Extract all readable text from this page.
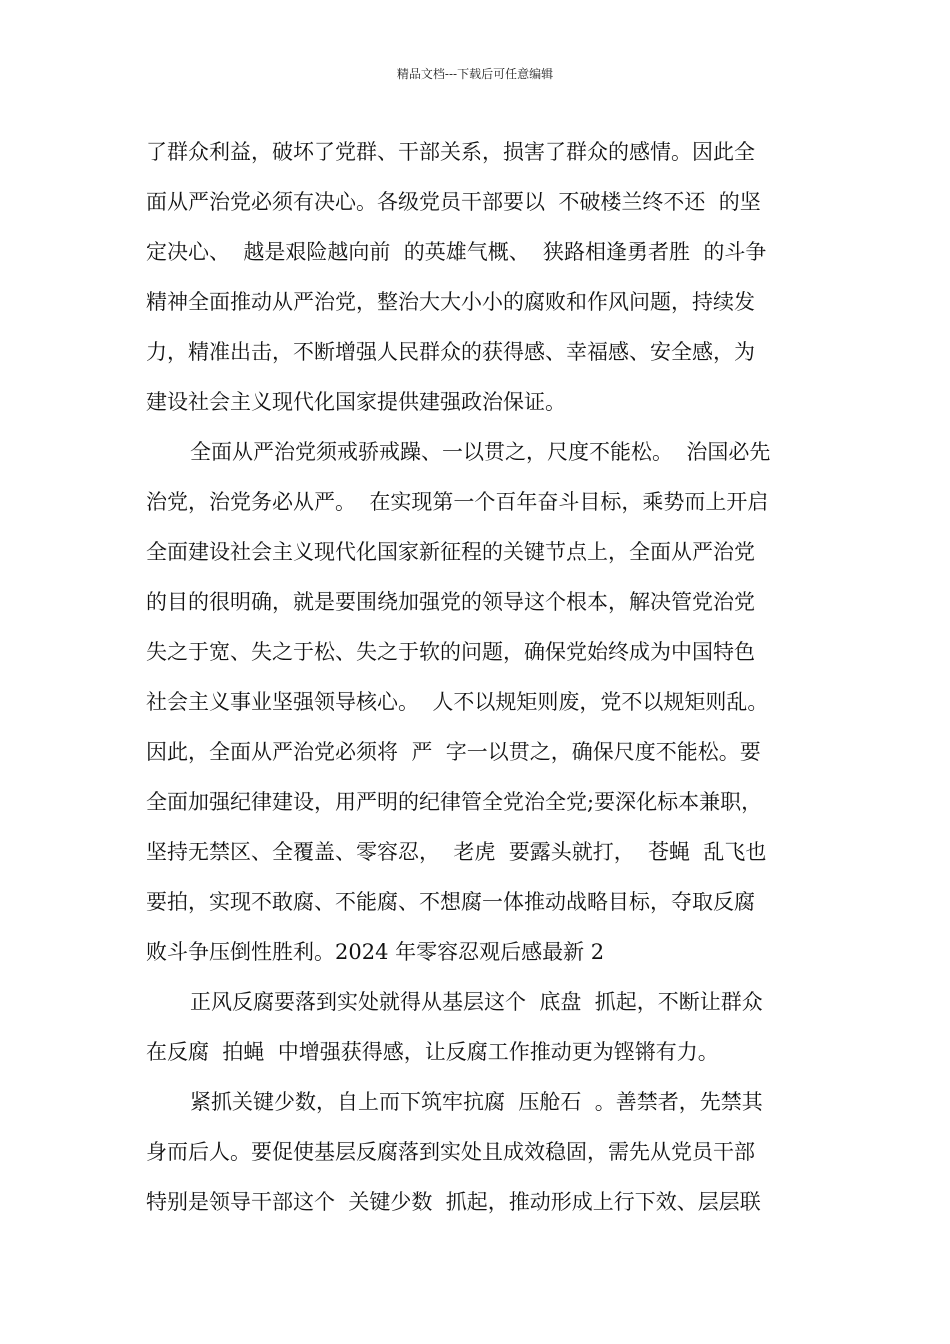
精品文档---下载后可任意编辑
了群众利益，破坏了党群、干部关系，损害了群众的感情。因此全
面从严治党必须有决心。各级党员干部要以  不破楼兰终不还  的坚
定决心、  越是艰险越向前  的英雄气概、  狭路相逢勇者胜  的斗争
精神全面推动从严治党，整治大大小小的腐败和作风问题，持续发
力，精准出击，不断增强人民群众的获得感、幸福感、安全感，为
建设社会主义现代化国家提供建强政治保证。
全面从严治党须戒骄戒躁、一以贯之，尺度不能松。  治国必先
治党，治党务必从严。  在实现第一个百年奋斗目标，乘势而上开启
全面建设社会主义现代化国家新征程的关键节点上，全面从严治党
的目的很明确，就是要围绕加强党的领导这个根本，解决管党治党
失之于宽、失之于松、失之于软的问题，确保党始终成为中国特色
社会主义事业坚强领导核心。  人不以规矩则废，党不以规矩则乱。
因此，全面从严治党必须将  严  字一以贯之，确保尺度不能松。要
全面加强纪律建设，用严明的纪律管全党治全党;要深化标本兼职，
坚持无禁区、全覆盖、零容忍，  老虎  要露头就打，  苍蝇  乱飞也
要拍，实现不敢腐、不能腐、不想腐一体推动战略目标，夺取反腐
败斗争压倒性胜利。2024 年零容忍观后感最新 2
正风反腐要落到实处就得从基层这个  底盘  抓起，不断让群众
在反腐  拍蝇  中增强获得感，让反腐工作推动更为铿锵有力。
紧抓关键少数，自上而下筑牢抗腐  压舱石  。善禁者，先禁其
身而后人。要促使基层反腐落到实处且成效稳固，需先从党员干部
特别是领导干部这个  关键少数  抓起，推动形成上行下效、层层联
